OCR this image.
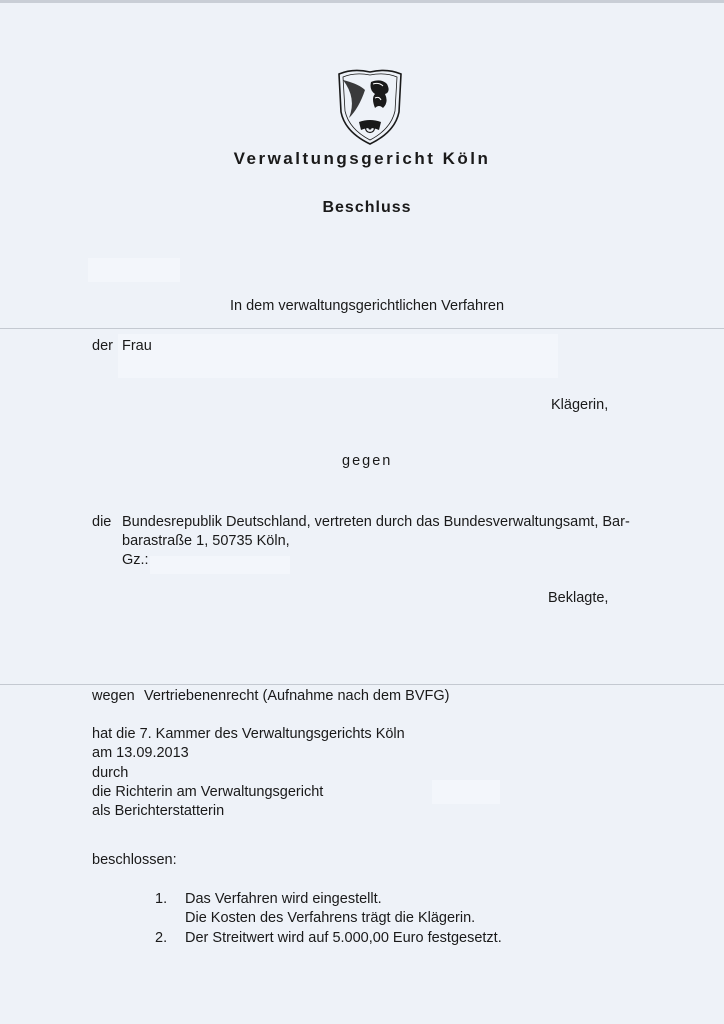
Verwaltungsgericht Köln
Beschluss
In dem verwaltungsgerichtlichen Verfahren
der Frau
Klägerin,
gegen
die Bundesrepublik Deutschland, vertreten durch das Bundesverwaltungsamt, Bar-
barastraße 1, 50735 Köln,
Gz.:
Beklagte,
wegen Vertriebenenrecht (Aufnahme nach dem BVFG)
hat die 7. Kammer des Verwaltungsgerichts Köln
am 13.09.2013
durch
die Richterin am Verwaltungsgericht
als Berichterstatterin
beschlossen:
1. Das Verfahren wird eingestellt.
Die Kosten des Verfahrens trägt die Klägerin.
2. Der Streitwert wird auf 5.000,00 Euro festgesetzt.
